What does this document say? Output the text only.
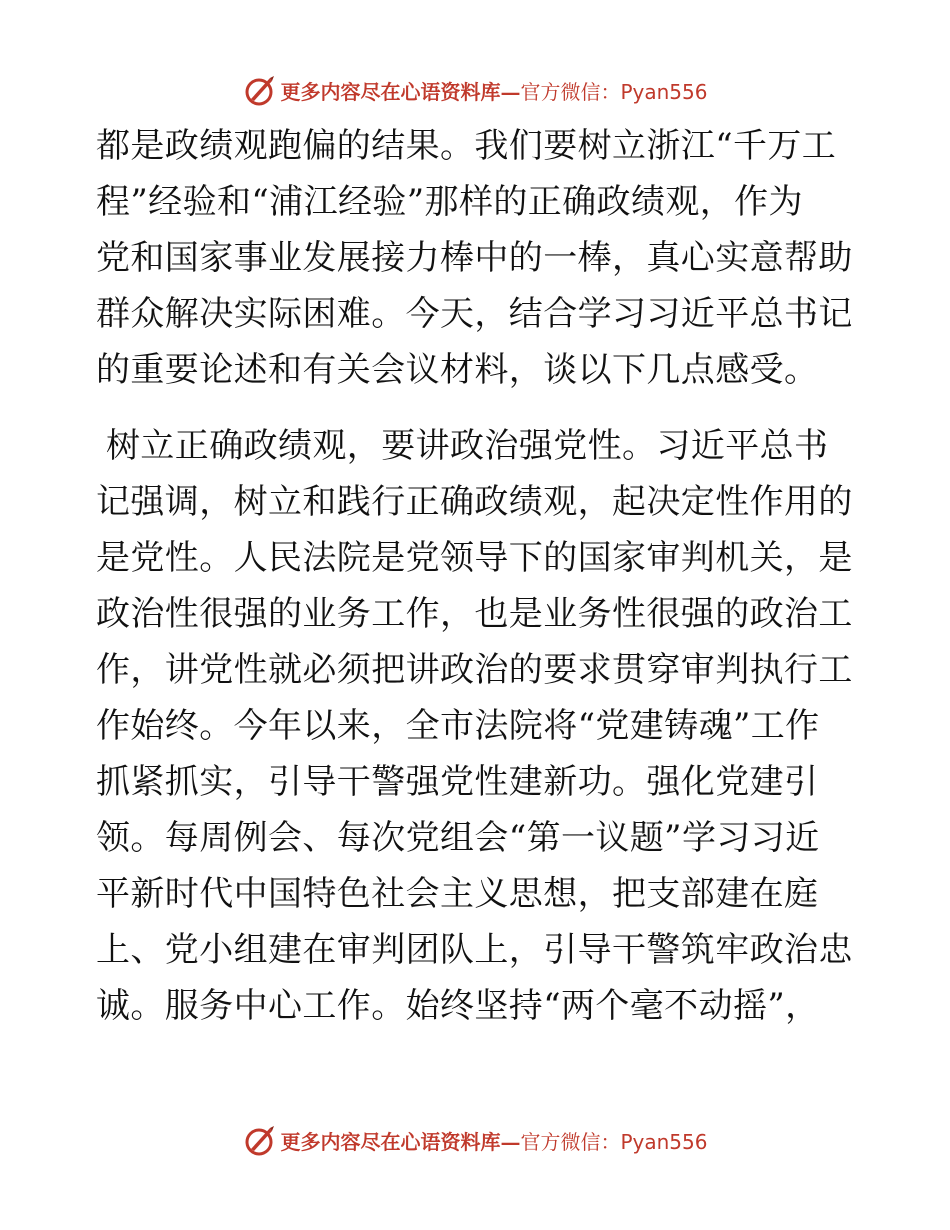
更多内容尽在心语资料库— 官方微信：Pyan556
都是政绩观跑偏的结果。我们要树立浙江“千万工
程”经验和“浦江经验”那样的正确政绩观，作为
党和国家事业发展接力棒中的一棒，真心实意帮助
群众解决实际困难。今天，结合学习习近平总书记
的重要论述和有关会议材料，谈以下几点感受。
树立正确政绩观，要讲政治强党性。习近平总书
记强调，树立和践行正确政绩观，起决定性作用的
是党性。人民法院是党领导下的国家审判机关，是
政治性很强的业务工作，也是业务性很强的政治工
作，讲党性就必须把讲政治的要求贯穿审判执行工
作始终。今年以来，全市法院将“党建铸魂”工作
抓紧抓实，引导干警强党性建新功。强化党建引
领。每周例会、每次党组会“第一议题”学习习近
平新时代中国特色社会主义思想，把支部建在庭
上、党小组建在审判团队上，引导干警筑牢政治忠
诚。服务中心工作。始终坚持“两个毫不动摇”，
更多内容尽在心语资料库— 官方微信：Pyan556
